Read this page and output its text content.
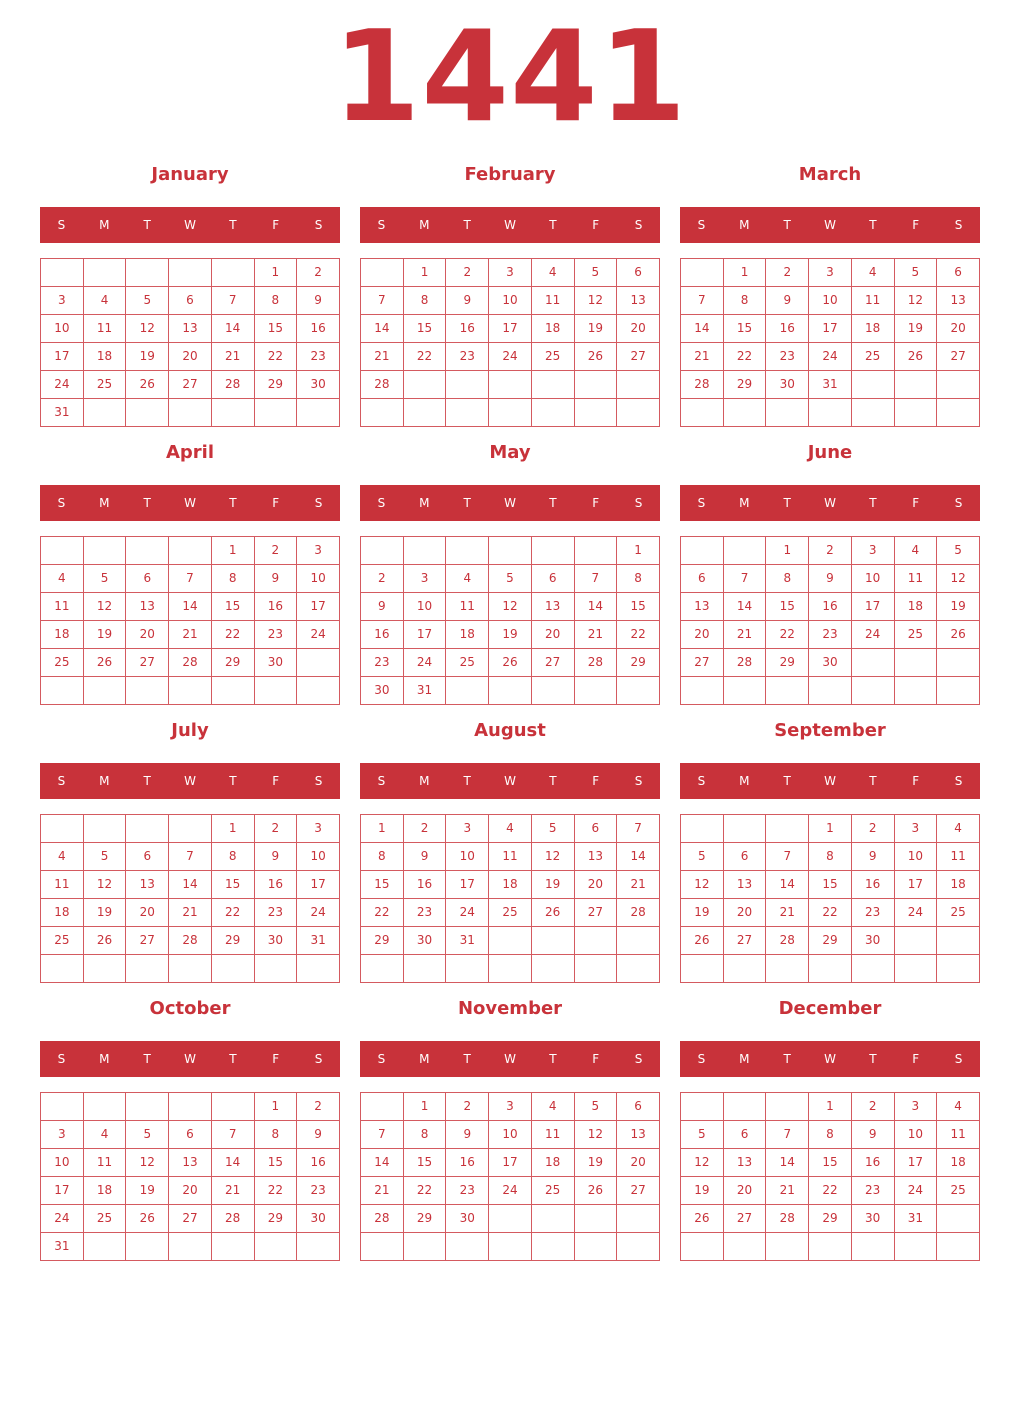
1441
January
S	M	T	W	T	F	S
					1	2
3	4	5	6	7	8	9
10	11	12	13	14	15	16
17	18	19	20	21	22	23
24	25	26	27	28	29	30
31						
February
S	M	T	W	T	F	S
	1	2	3	4	5	6
7	8	9	10	11	12	13
14	15	16	17	18	19	20
21	22	23	24	25	26	27
28						

March
S	M	T	W	T	F	S
	1	2	3	4	5	6
7	8	9	10	11	12	13
14	15	16	17	18	19	20
21	22	23	24	25	26	27
28	29	30	31			

April
S	M	T	W	T	F	S
				1	2	3
4	5	6	7	8	9	10
11	12	13	14	15	16	17
18	19	20	21	22	23	24
25	26	27	28	29	30	

May
S	M	T	W	T	F	S
						1
2	3	4	5	6	7	8
9	10	11	12	13	14	15
16	17	18	19	20	21	22
23	24	25	26	27	28	29
30	31					
June
S	M	T	W	T	F	S
		1	2	3	4	5
6	7	8	9	10	11	12
13	14	15	16	17	18	19
20	21	22	23	24	25	26
27	28	29	30			

July
S	M	T	W	T	F	S
				1	2	3
4	5	6	7	8	9	10
11	12	13	14	15	16	17
18	19	20	21	22	23	24
25	26	27	28	29	30	31

August
S	M	T	W	T	F	S
1	2	3	4	5	6	7
8	9	10	11	12	13	14
15	16	17	18	19	20	21
22	23	24	25	26	27	28
29	30	31				

September
S	M	T	W	T	F	S
			1	2	3	4
5	6	7	8	9	10	11
12	13	14	15	16	17	18
19	20	21	22	23	24	25
26	27	28	29	30		

October
S	M	T	W	T	F	S
					1	2
3	4	5	6	7	8	9
10	11	12	13	14	15	16
17	18	19	20	21	22	23
24	25	26	27	28	29	30
31						
November
S	M	T	W	T	F	S
	1	2	3	4	5	6
7	8	9	10	11	12	13
14	15	16	17	18	19	20
21	22	23	24	25	26	27
28	29	30				

December
S	M	T	W	T	F	S
			1	2	3	4
5	6	7	8	9	10	11
12	13	14	15	16	17	18
19	20	21	22	23	24	25
26	27	28	29	30	31	
